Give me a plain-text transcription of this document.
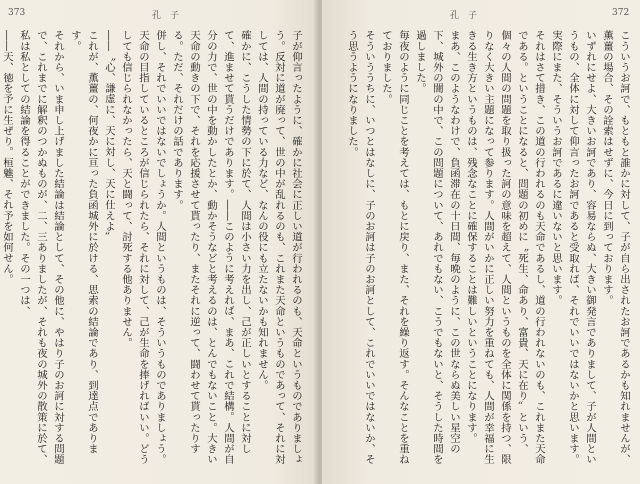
373	孔　子

子が仰言ったように、確かに社会に正しい道が行われるのも、天命というものでありましょう。反対に道が廃って、世の中が乱れるのも、これまた天命というものであって、それに対しては、人間の持っている力など、なんの役にも立たないかも知れません。

確かに、こうした情勢の下に於て、人間は小さい力を出し、己が正しいとすることに対して、進ませて貰うだけであります。――このように考えれば、まあ、これで結構。人間が自分の力で、世の中を動かしたとか、動かそうなどと考えるのは、とんでもないこと。大きい天命の動きの下で、それを応援させて貰ったり、またそれに逆って、闘わせて貰ったりする。ただ、それだけの話であります。

併し、それでいいではないでしょうか。人間というものは、そういうものでありましょう。天命の目指しているところが信じられたら、それに対して、己が生命を捧げればいい。どうしても信じられなかったら、天と闘って、討死する他ありません。

――〝心、謙虚に、天に対し、天に仕えよ〟

これが、薫薑の、何夜かに亘った負函城外に於ける、思索の結論であり、到達点であります。

それから、いま申し上げました結論は結論として、その他に、やはり子のお訶に対する問題で、これまでに解釈のつかぬものが、二、三ありましたが、それも夜の城外の散策に於て、私は私としての結論を得ることができました。その一つは、

――天、徳を予に生ぜり。桓魋、それ予を如何せん。

孔　子	372

こういうお訶で、もともと誰かに対して、子が自ら出されたお訶であるかも知れませんが、薫薑の場合、その詮索はせずに、今日に到っております。

いずれにせよ、大きいお訶であり、容易ならぬ、大きい御発言でありまして、子が人間というもの、全体に対して仰言ったお訶であると受取れば、それでいいではないかと思います。実際にまた、そういうお訶であるに違いないと思います。

それはさて措き、この道の行われるのも天命であるし、道の行われないのも、これまた天命である。ということになると、問題の初めに〝死生、命あり、富貴、天に在り〟という、個々の人間の問題を取り扱った訶の意味を超えて、人間というものを全体に関係を持つ、限りなく大きい主題になって参ります。人間がいかに正しい努力を重ねても、人間が幸福に生きる生き方というものは、残念なことに確保することは難しいということになります。

まあ、このようなわけで、負函滞在の十日間、毎晩のように、この世ならぬ美しい星空の下、城外の闇の中で、この問題について、あれでもない、こうでもないと、そうした時間を過しました。

毎夜のように同じことを考えては、もとに戻り、また、それを繰り返す。そんなことを重ねておりました。

そういううちに、いつとはなしに、子のお訶は子のお訶として、これでいいではないか、そう思うようになりました。
